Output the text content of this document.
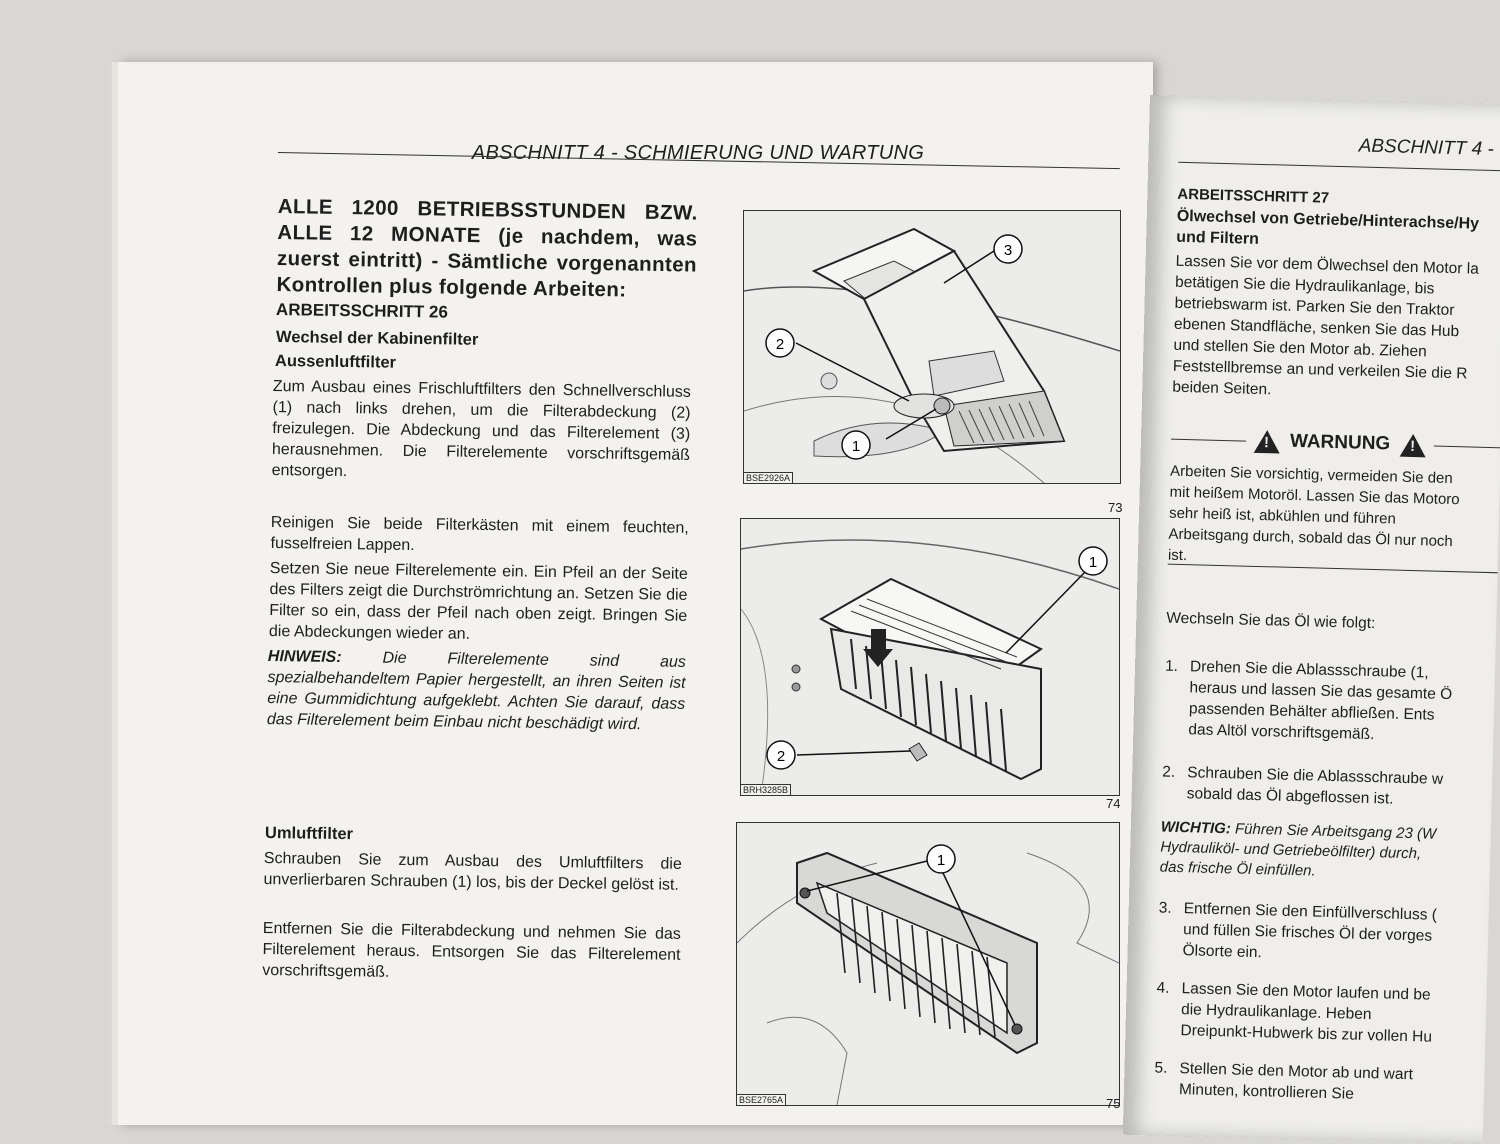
ABSCHNITT 4 - SCHMIERUNG UND WARTUNG
ALLE 1200 BETRIEBSSTUNDEN BZW.
ALLE 12 MONATE (je nachdem, was
zuerst eintritt) - Sämtliche vorgenannten
Kontrollen plus folgende Arbeiten:
ARBEITSSCHRITT 26
Wechsel der Kabinenfilter
Aussenluftfilter
Zum Ausbau eines Frischluftfilters den Schnellverschluss (1) nach links drehen, um die Filterabdeckung (2) freizulegen. Die Abdeckung und das Filterelement (3) herausnehmen. Die Filterelemente vorschriftsgemäß entsorgen.
Reinigen Sie beide Filterkästen mit einem feuchten, fusselfreien Lappen.
Setzen Sie neue Filterelemente ein. Ein Pfeil an der Seite des Filters zeigt die Durchströmrichtung an. Setzen Sie die Filter so ein, dass der Pfeil nach oben zeigt. Bringen Sie die Abdeckungen wieder an.
HINWEIS:	Die Filterelemente sind aus spezialbehandeltem Papier hergestellt, an ihren Seiten ist eine Gummidichtung aufgeklebt. Achten Sie darauf, dass das Filterelement beim Einbau nicht beschädigt wird.
Umluftfilter
Schrauben Sie zum Ausbau des Umluftfilters die unverlierbaren Schrauben (1) los, bis der Deckel gelöst ist.
Entfernen Sie die Filterabdeckung und nehmen Sie das Filterelement heraus. Entsorgen Sie das Filterelement vorschriftsgemäß.
1
2
3
BSE2926A
73
1
2
BRH3285B
74
1
BSE2765A	75
ABSCHNITT 4 -
ARBEITSSCHRITT 27
Ölwechsel von Getriebe/Hinterachse/Hy
und Filtern
Lassen Sie vor dem Ölwechsel den Motor la
betätigen Sie die Hydraulikanlage, bis
betriebswarm ist. Parken Sie den Traktor
ebenen Standfläche, senken Sie das Hub
und stellen Sie den Motor ab. Ziehen
Feststellbremse an und verkeilen Sie die R
beiden Seiten.
!
WARNUNG
!
Arbeiten Sie vorsichtig, vermeiden Sie den
mit heißem Motoröl. Lassen Sie das Motoro
sehr heiß ist, abkühlen und führen
Arbeitsgang durch, sobald das Öl nur noch
ist.
Wechseln Sie das Öl wie folgt:
1. Drehen Sie die Ablassschraube (1,
heraus und lassen Sie das gesamte Ö
passenden Behälter abfließen. Ents
das Altöl vorschriftsgemäß.
2. Schrauben Sie die Ablassschraube w
sobald das Öl abgeflossen ist.
WICHTIG: Führen Sie Arbeitsgang 23 (W
Hydrauliköl- und Getriebeölfilter) durch,
das frische Öl einfüllen.
3. Entfernen Sie den Einfüllverschluss (
und füllen Sie frisches Öl der vorges
Ölsorte ein.
4. Lassen Sie den Motor laufen und be
die Hydraulikanlage. Heben
Dreipunkt-Hubwerk bis zur vollen Hu
5. Stellen Sie den Motor ab und wart
Minuten, kontrollieren Sie
